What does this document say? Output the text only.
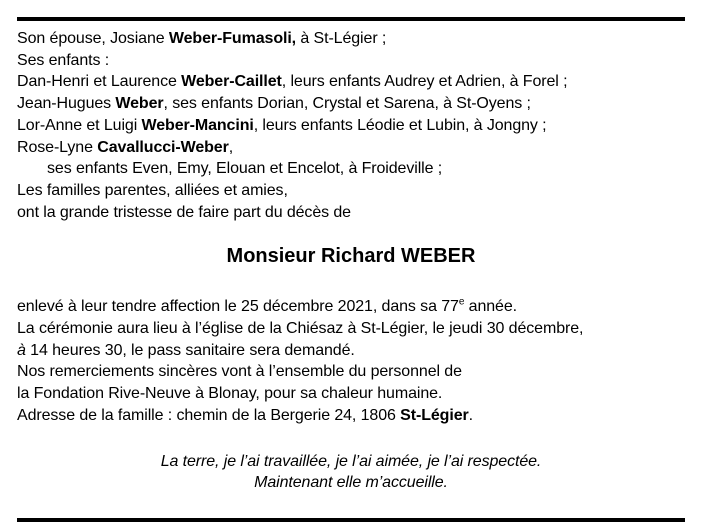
Son épouse, Josiane Weber-Fumasoli, à St-Légier ;
Ses enfants :
Dan-Henri et Laurence Weber-Caillet, leurs enfants Audrey et Adrien, à Forel ;
Jean-Hugues Weber, ses enfants Dorian, Crystal et Sarena, à St-Oyens ;
Lor-Anne et Luigi Weber-Mancini, leurs enfants Léodie et Lubin, à Jongny ;
Rose-Lyne Cavallucci-Weber,
ses enfants Even, Emy, Elouan et Encelot, à Froideville ;
Les familles parentes, alliées et amies,
ont la grande tristesse de faire part du décès de
Monsieur Richard WEBER
enlevé à leur tendre affection le 25 décembre 2021, dans sa 77e année.
La cérémonie aura lieu à l’église de la Chiésaz à St-Légier, le jeudi 30 décembre,
à 14 heures 30, le pass sanitaire sera demandé.
Nos remerciements sincères vont à l’ensemble du personnel de
la Fondation Rive-Neuve à Blonay, pour sa chaleur humaine.
Adresse de la famille : chemin de la Bergerie 24, 1806 St-Légier.
La terre, je l’ai travaillée, je l’ai aimée, je l’ai respectée.
Maintenant elle m’accueille.
